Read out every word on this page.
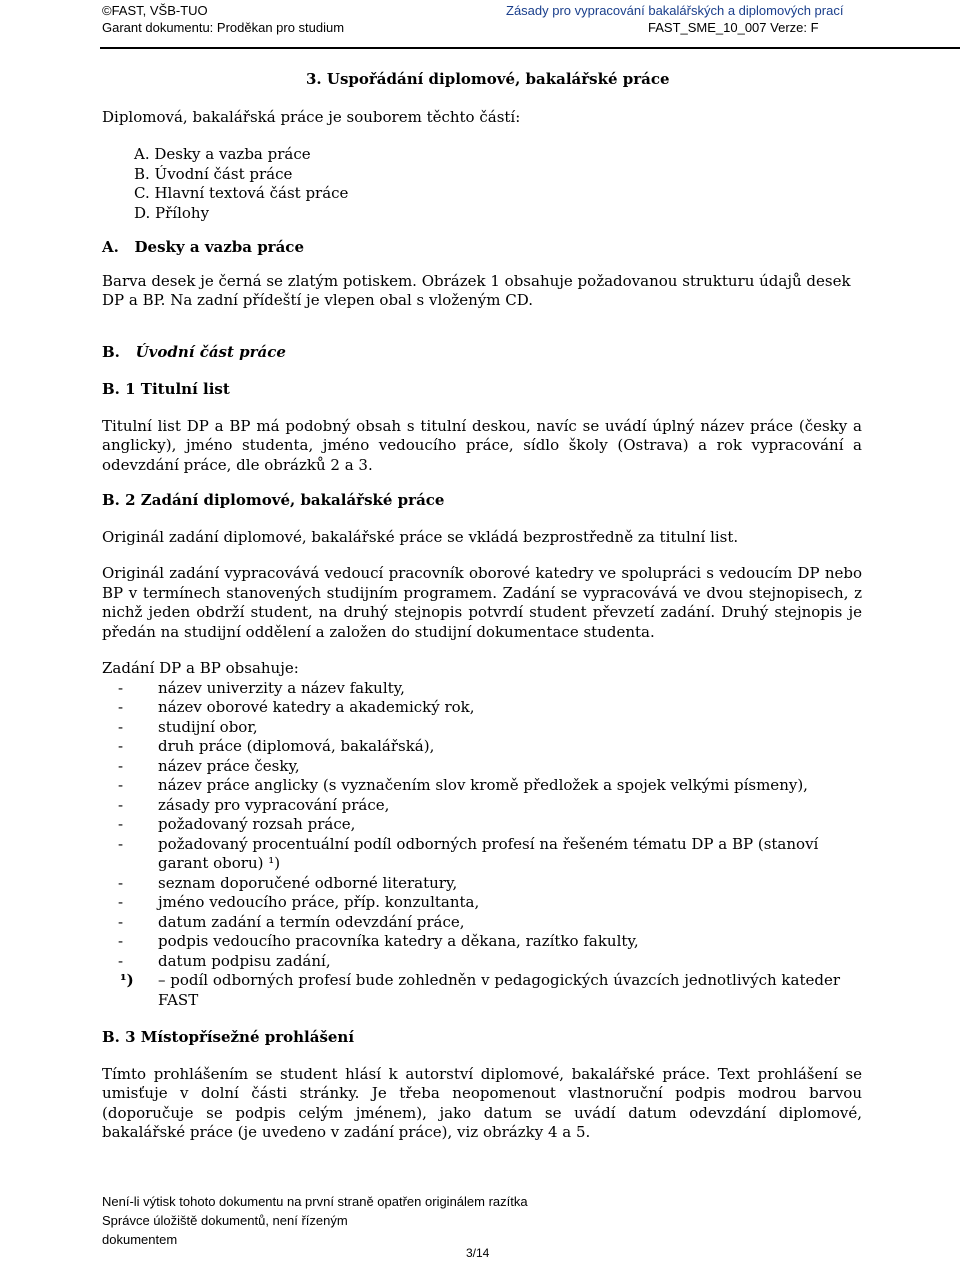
©FAST, VŠB-TUO
Garant dokumentu: Proděkan pro studium
Zásady pro vypracování bakalářských a diplomových prací
FAST_SME_10_007 Verze: F
3. Uspořádání diplomové, bakalářské práce

Diplomová, bakalářská práce je souborem těchto částí:

A. Desky a vazba práce
B. Úvodní část práce
C. Hlavní textová část práce
D. Přílohy
A. Desky a vazba práce

Barva desek je černá se zlatým potiskem. Obrázek 1 obsahuje požadovanou strukturu údajů desek DP a BP. Na zadní přídeští je vlepen obal s vloženým CD.

B. Úvodní část práce
B. 1 Titulní list

Titulní list DP a BP má podobný obsah s titulní deskou, navíc se uvádí úplný název práce (česky a anglicky), jméno studenta, jméno vedoucího práce, sídlo školy (Ostrava) a rok vypracování a odevzdání práce, dle obrázků 2 a 3.

B. 2 Zadání diplomové, bakalářské práce

Originál zadání diplomové, bakalářské práce se vkládá bezprostředně za titulní list.

Originál zadání vypracovává vedoucí pracovník oborové katedry ve spolupráci s vedoucím DP nebo BP v termínech stanovených studijním programem. Zadání se vypracovává ve dvou stejnopisech, z nichž jeden obdrží student, na druhý stejnopis potvrdí student převzetí zadání. Druhý stejnopis je předán na studijní oddělení a založen do studijní dokumentace studenta.

Zadání DP a BP obsahuje:

- název univerzity a název fakulty,
- název oborové katedry a akademický rok,
- studijní obor,
- druh práce (diplomová, bakalářská),
- název práce česky,
- název práce anglicky (s vyznačením slov kromě předložek a spojek velkými písmeny),
- zásady pro vypracování práce,
- požadovaný rozsah práce,
- požadovaný procentuální podíl odborných profesí na řešeném tématu DP a BP (stanoví garant oboru) ¹)
- seznam doporučené odborné literatury,
- jméno vedoucího práce, příp. konzultanta,
- datum zadání a termín odevzdání práce,
- podpis vedoucího pracovníka katedry a děkana, razítko fakulty,
- datum podpisu zadání,
¹) – podíl odborných profesí bude zohledněn v pedagogických úvazcích jednotlivých kateder FAST
B. 3 Místopřísežné prohlášení

Tímto prohlášením se student hlásí k autorství diplomové, bakalářské práce. Text prohlášení se umisťuje v dolní části stránky. Je třeba neopomenout vlastnoruční podpis modrou barvou (doporučuje se podpis celým jménem), jako datum se uvádí datum odevzdání diplomové, bakalářské práce (je uvedeno v zadání práce), viz obrázky 4 a 5.

Není-li výtisk tohoto dokumentu na první straně opatřen originálem razítka
Správce úložiště dokumentů, není řízeným
dokumentem
3/14
